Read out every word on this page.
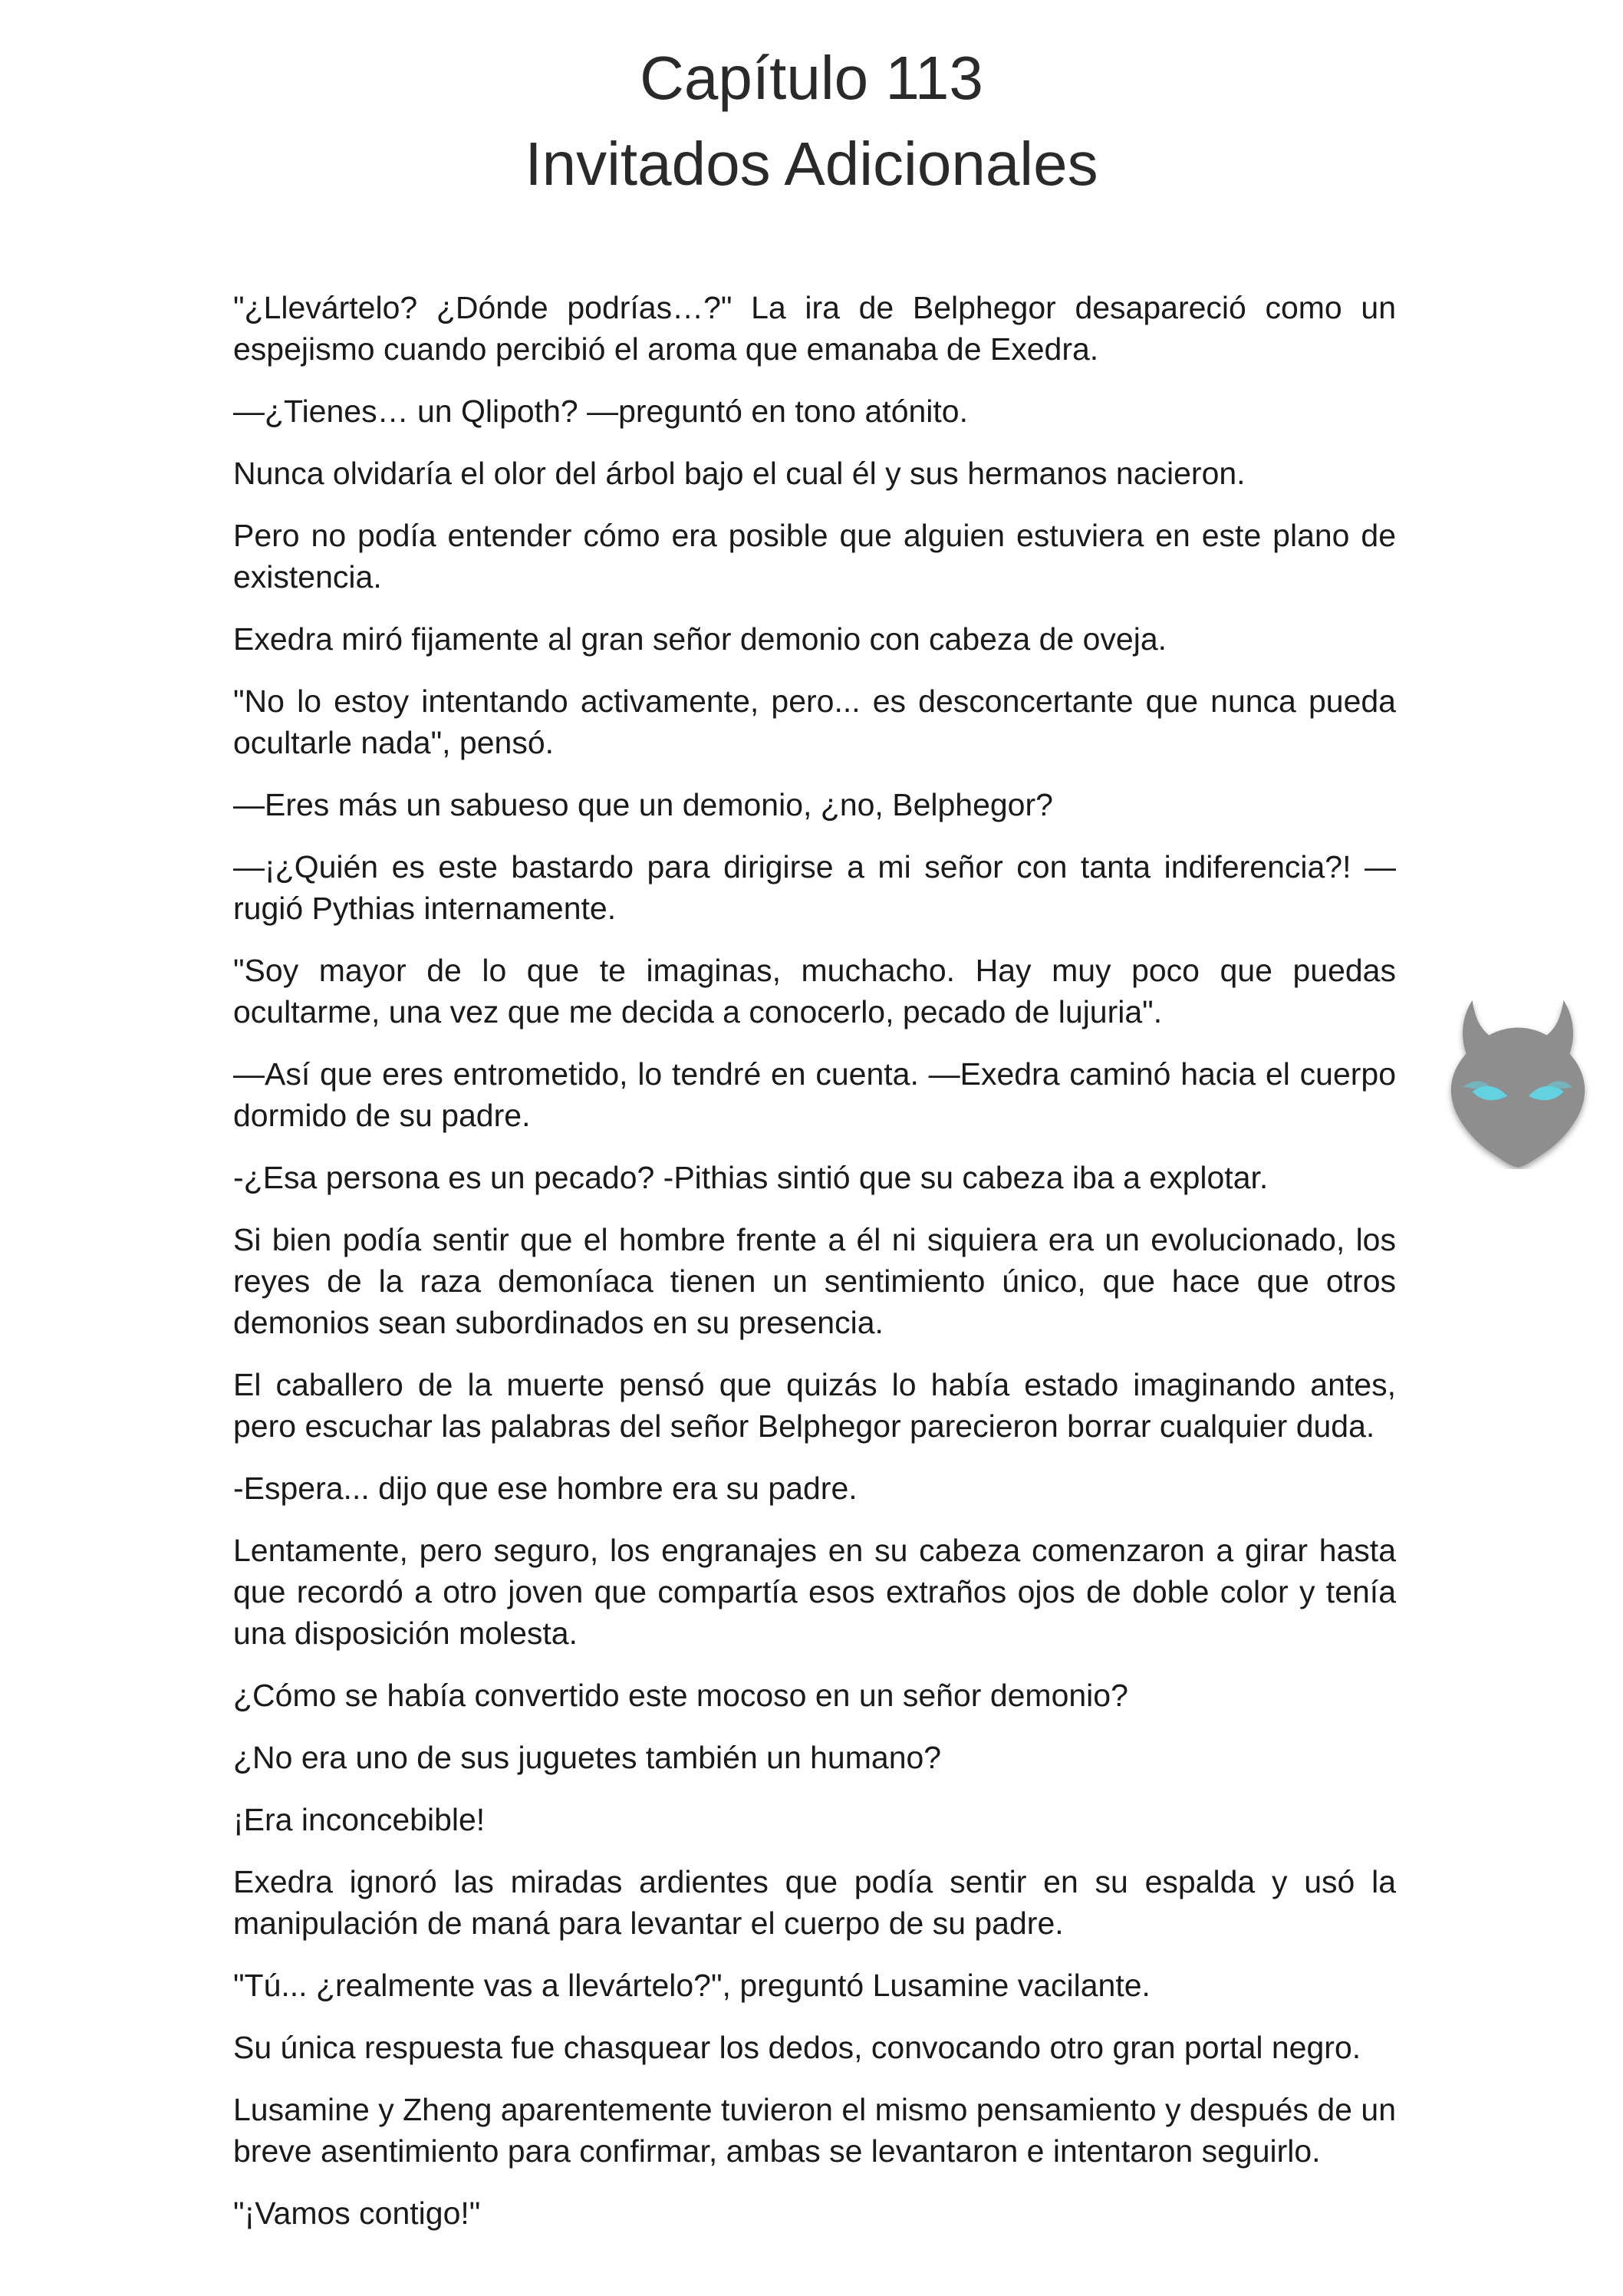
Capítulo 113
Invitados Adicionales

"¿Llevártelo? ¿Dónde podrías…?" La ira de Belphegor desapareció como un espejismo cuando percibió el aroma que emanaba de Exedra.

—¿Tienes… un Qlipoth? —preguntó en tono atónito.

Nunca olvidaría el olor del árbol bajo el cual él y sus hermanos nacieron.

Pero no podía entender cómo era posible que alguien estuviera en este plano de existencia.

Exedra miró fijamente al gran señor demonio con cabeza de oveja.

"No lo estoy intentando activamente, pero... es desconcertante que nunca pueda ocultarle nada", pensó.

—Eres más un sabueso que un demonio, ¿no, Belphegor?

—¡¿Quién es este bastardo para dirigirse a mi señor con tanta indiferencia?! —rugió Pythias internamente.

"Soy mayor de lo que te imaginas, muchacho. Hay muy poco que puedas ocultarme, una vez que me decida a conocerlo, pecado de lujuria".

—Así que eres entrometido, lo tendré en cuenta. —Exedra caminó hacia el cuerpo dormido de su padre.

-¿Esa persona es un pecado? -Pithias sintió que su cabeza iba a explotar.

Si bien podía sentir que el hombre frente a él ni siquiera era un evolucionado, los reyes de la raza demoníaca tienen un sentimiento único, que hace que otros demonios sean subordinados en su presencia.

El caballero de la muerte pensó que quizás lo había estado imaginando antes, pero escuchar las palabras del señor Belphegor parecieron borrar cualquier duda.

-Espera... dijo que ese hombre era su padre.

Lentamente, pero seguro, los engranajes en su cabeza comenzaron a girar hasta que recordó a otro joven que compartía esos extraños ojos de doble color y tenía una disposición molesta.

¿Cómo se había convertido este mocoso en un señor demonio?

¿No era uno de sus juguetes también un humano?

¡Era inconcebible!

Exedra ignoró las miradas ardientes que podía sentir en su espalda y usó la manipulación de maná para levantar el cuerpo de su padre.

"Tú... ¿realmente vas a llevártelo?", preguntó Lusamine vacilante.

Su única respuesta fue chasquear los dedos, convocando otro gran portal negro.

Lusamine y Zheng aparentemente tuvieron el mismo pensamiento y después de un breve asentimiento para confirmar, ambas se levantaron e intentaron seguirlo.

"¡Vamos contigo!"
